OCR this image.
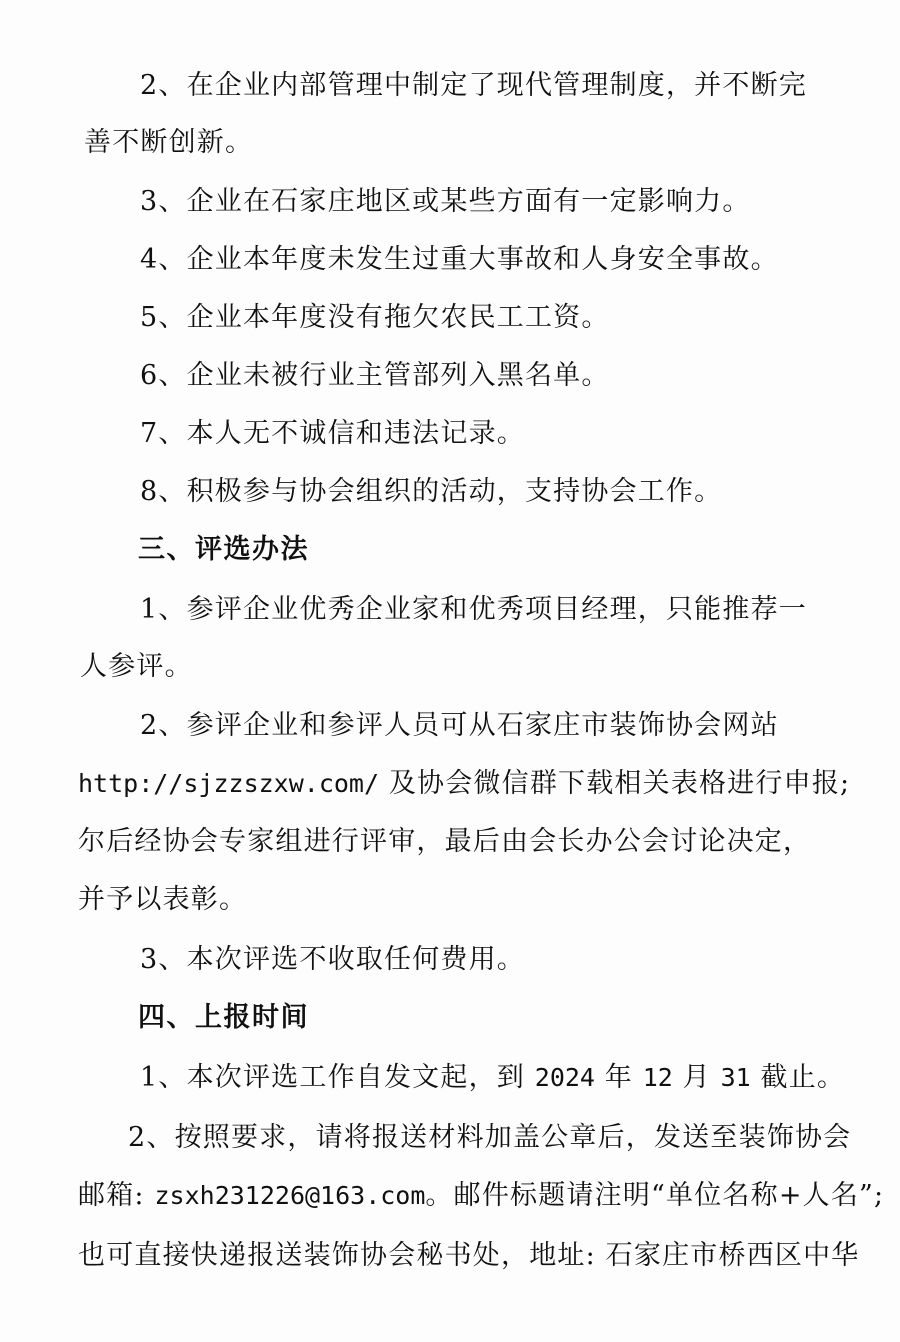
2、在企业内部管理中制定了现代管理制度，并不断完
善不断创新。
3、企业在石家庄地区或某些方面有一定影响力。
4、企业本年度未发生过重大事故和人身安全事故。
5、企业本年度没有拖欠农民工工资。
6、企业未被行业主管部列入黑名单。
7、本人无不诚信和违法记录。
8、积极参与协会组织的活动，支持协会工作。
三、评选办法
1、参评企业优秀企业家和优秀项目经理，只能推荐一
人参评。
2、参评企业和参评人员可从石家庄市装饰协会网站
http://sjzzszxw.com/ 及协会微信群下载相关表格进行申报;
尔后经协会专家组进行评审，最后由会长办公会讨论决定，
并予以表彰。
3、本次评选不收取任何费用。
四、上报时间
1、本次评选工作自发文起，到 2024 年 12 月 31 截止。
2、按照要求，请将报送材料加盖公章后，发送至装饰协会
邮箱: zsxh231226@163.com。邮件标题请注明“单位名称+人名”;
也可直接快递报送装饰协会秘书处，地址: 石家庄市桥西区中华
